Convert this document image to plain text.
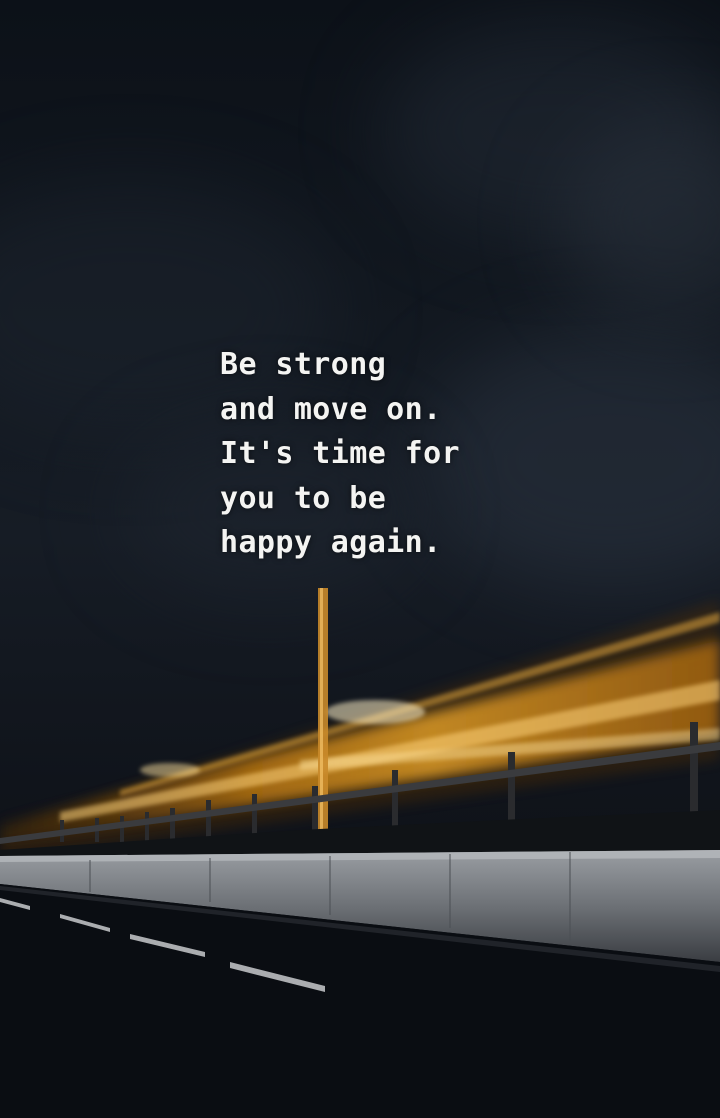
Be strong
and move on.
It's time for
you to be
happy again.
